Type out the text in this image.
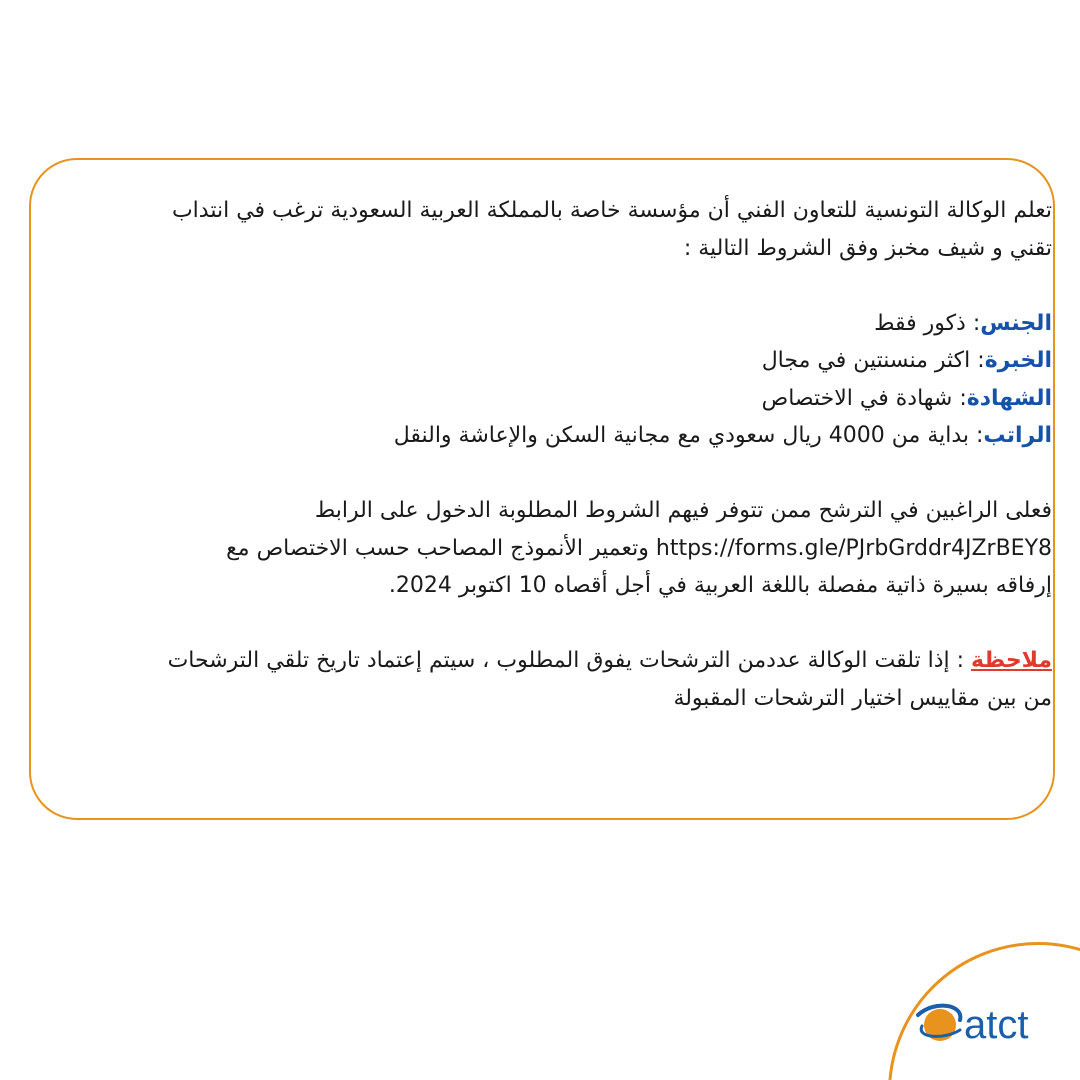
تعلم الوكالة التونسية للتعاون الفني أن مؤسسة خاصة بالمملكة العربية السعودية ترغب في انتداب
تقني و شيف مخبز وفق الشروط التالية :
الجنس: ذكور فقط
الخبرة: اكثر منسنتين في مجال
الشهادة: شهادة في الاختصاص
الراتب: بداية من 4000 ريال سعودي مع مجانية السكن والإعاشة والنقل
فعلى الراغبين في الترشح ممن تتوفر فيهم الشروط المطلوبة الدخول على الرابط
https://forms.gle/PJrbGrddr4JZrBEY8 وتعمير الأنموذج المصاحب حسب الاختصاص مع
إرفاقه بسيرة ذاتية مفصلة باللغة العربية في أجل أقصاه 10 اكتوبر 2024.
ملاحظة : إذا تلقت الوكالة عددمن الترشحات يفوق المطلوب ، سيتم إعتماد تاريخ تلقي الترشحات
من بين مقاييس اختيار الترشحات المقبولة
atct
